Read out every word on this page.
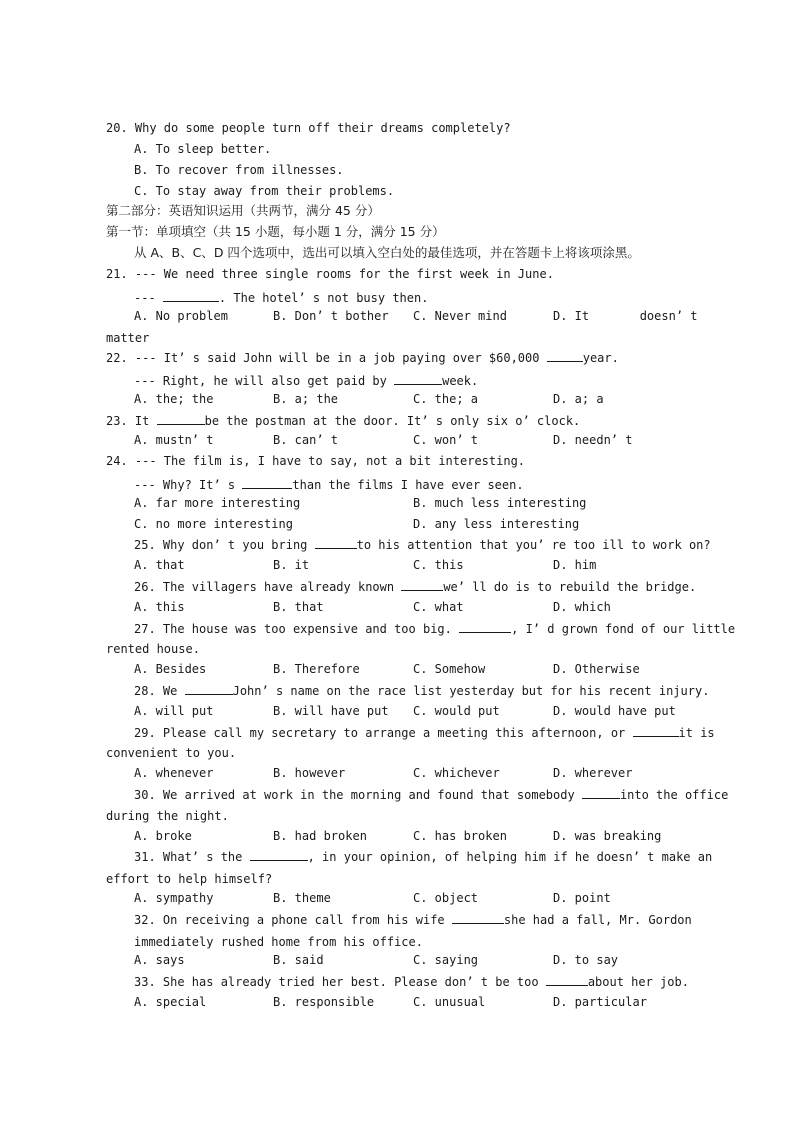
20. Why do some people turn off their dreams completely?
A. To sleep better.
B. To recover from illnesses.
C. To stay away from their problems.
第二部分：英语知识运用（共两节，满分 45 分）
第一节：单项填空（共 15 小题，每小题 1 分，满分 15 分）
从 A、B、C、D 四个选项中，选出可以填入空白处的最佳选项，并在答题卡上将该项涂黑。
21. --- We need three single rooms for the first week in June.
---	. The hotel’ s not busy then.
A. No problem	B. Don’ t bother C. Never mind	D. It       doesn’ t
matter
22. --- It’ s said John will be in a job paying over $60,000	year.
--- Right, he will also get paid by	week.
A. the; the	B. a; the	C. the; a	D. a; a
23. It	be the postman at the door. It’ s only six o’ clock.
A. mustn’ t	B. can’ t	C. won’ t	D. needn’ t
24. --- The film is, I have to say, not a bit interesting.
--- Why? It’ s	than the films I have ever seen.
A. far more interesting	B. much less interesting
C. no more interesting	D. any less interesting
25. Why don’ t you bring	to his attention that you’ re too ill to work on?
A. that	B. it	C. this	D. him
26. The villagers have already known	we’ ll do is to rebuild the bridge.
A. this	B. that	C. what	D. which
27. The house was too expensive and too big.	, I’ d grown fond of our little
rented house.
A. Besides	B. Therefore	C. Somehow	D. Otherwise
28. We	John’ s name on the race list yesterday but for his recent injury.
A. will put	B. will have put C. would put	D. would have put
29. Please call my secretary to arrange a meeting this afternoon, or	it is
convenient to you.
A. whenever	B. however	C. whichever	D. wherever
30. We arrived at work in the morning and found that somebody	into the office
during the night.
A. broke	B. had broken	C. has broken	D. was breaking
31. What’ s the	, in your opinion, of helping him if he doesn’ t make an
effort to help himself?
A. sympathy	B. theme	C. object	D. point
32. On receiving a phone call from his wife	she had a fall, Mr. Gordon
immediately rushed home from his office.
A. says	B. said	C. saying	D. to say
33. She has already tried her best. Please don’ t be too	about her job.
A. special	B. responsible	C. unusual	D. particular
